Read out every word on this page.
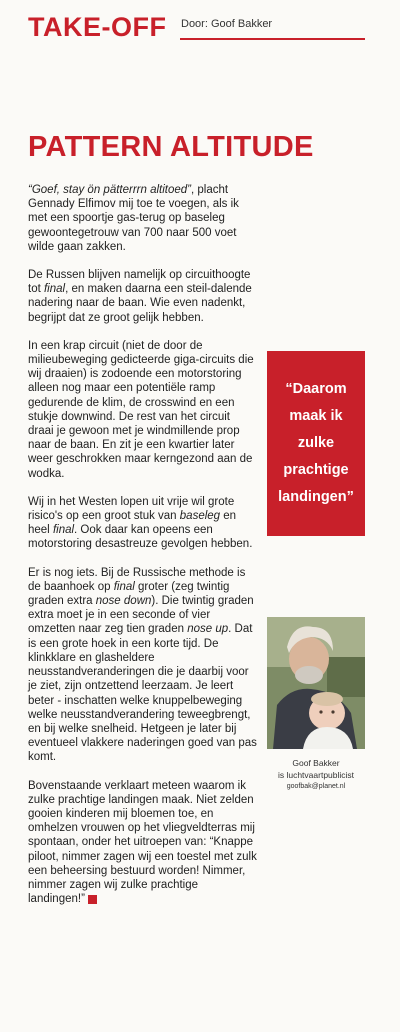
TAKE-OFF Door: Goof Bakker
PATTERN ALTITUDE

“Goef, stay ön pätterrrn altitoed”, placht Gennady Elfimov mij toe te voegen, als ik met een spoortje gas-terug op baseleg gewoontegetrouw van 700 naar 500 voet wilde gaan zakken.

De Russen blijven namelijk op circuithoogte tot final, en maken daarna een steil-dalende nadering naar de baan. Wie even nadenkt, begrijpt dat ze groot gelijk hebben.

In een krap circuit (niet de door de milieubeweging gedicteerde giga-circuits die wij draaien) is zodoende een motorstoring alleen nog maar een potentiële ramp gedurende de klim, de crosswind en een stukje downwind. De rest van het circuit draai je gewoon met je windmillende prop naar de baan. En zit je een kwartier later weer geschrokken maar kerngezond aan de wodka.

Wij in het Westen lopen uit vrije wil grote risico's op een groot stuk van baseleg en heel final. Ook daar kan opeens een motorstoring desastreuze gevolgen hebben.

Er is nog iets. Bij de Russische methode is de baanhoek op final groter (zeg twintig graden extra nose down). Die twintig graden extra moet je in een seconde of vier omzetten naar zeg tien graden nose up. Dat is een grote hoek in een korte tijd. De klinkklare en glasheldere neusstandveranderingen die je daarbij voor je ziet, zijn ontzettend leerzaam. Je leert beter - inschatten welke knuppelbeweging welke neusstandverandering teweegbrengt, en bij welke snelheid. Hetgeen je later bij eventueel vlakkere naderingen goed van pas komt.

Bovenstaande verklaart meteen waarom ik zulke prachtige landingen maak. Niet zelden gooien kinderen mij bloemen toe, en omhelzen vrouwen op het vliegveldterras mij spontaan, onder het uitroepen van: “Knappe piloot, nimmer zagen wij een toestel met zulk een beheersing bestuurd worden! Nimmer, nimmer zagen wij zulke prachtige landingen!”

“Daarom
maak ik
zulke
prachtige
landingen”
Goof Bakker
is luchtvaartpublicist
goofbak@planet.nl
